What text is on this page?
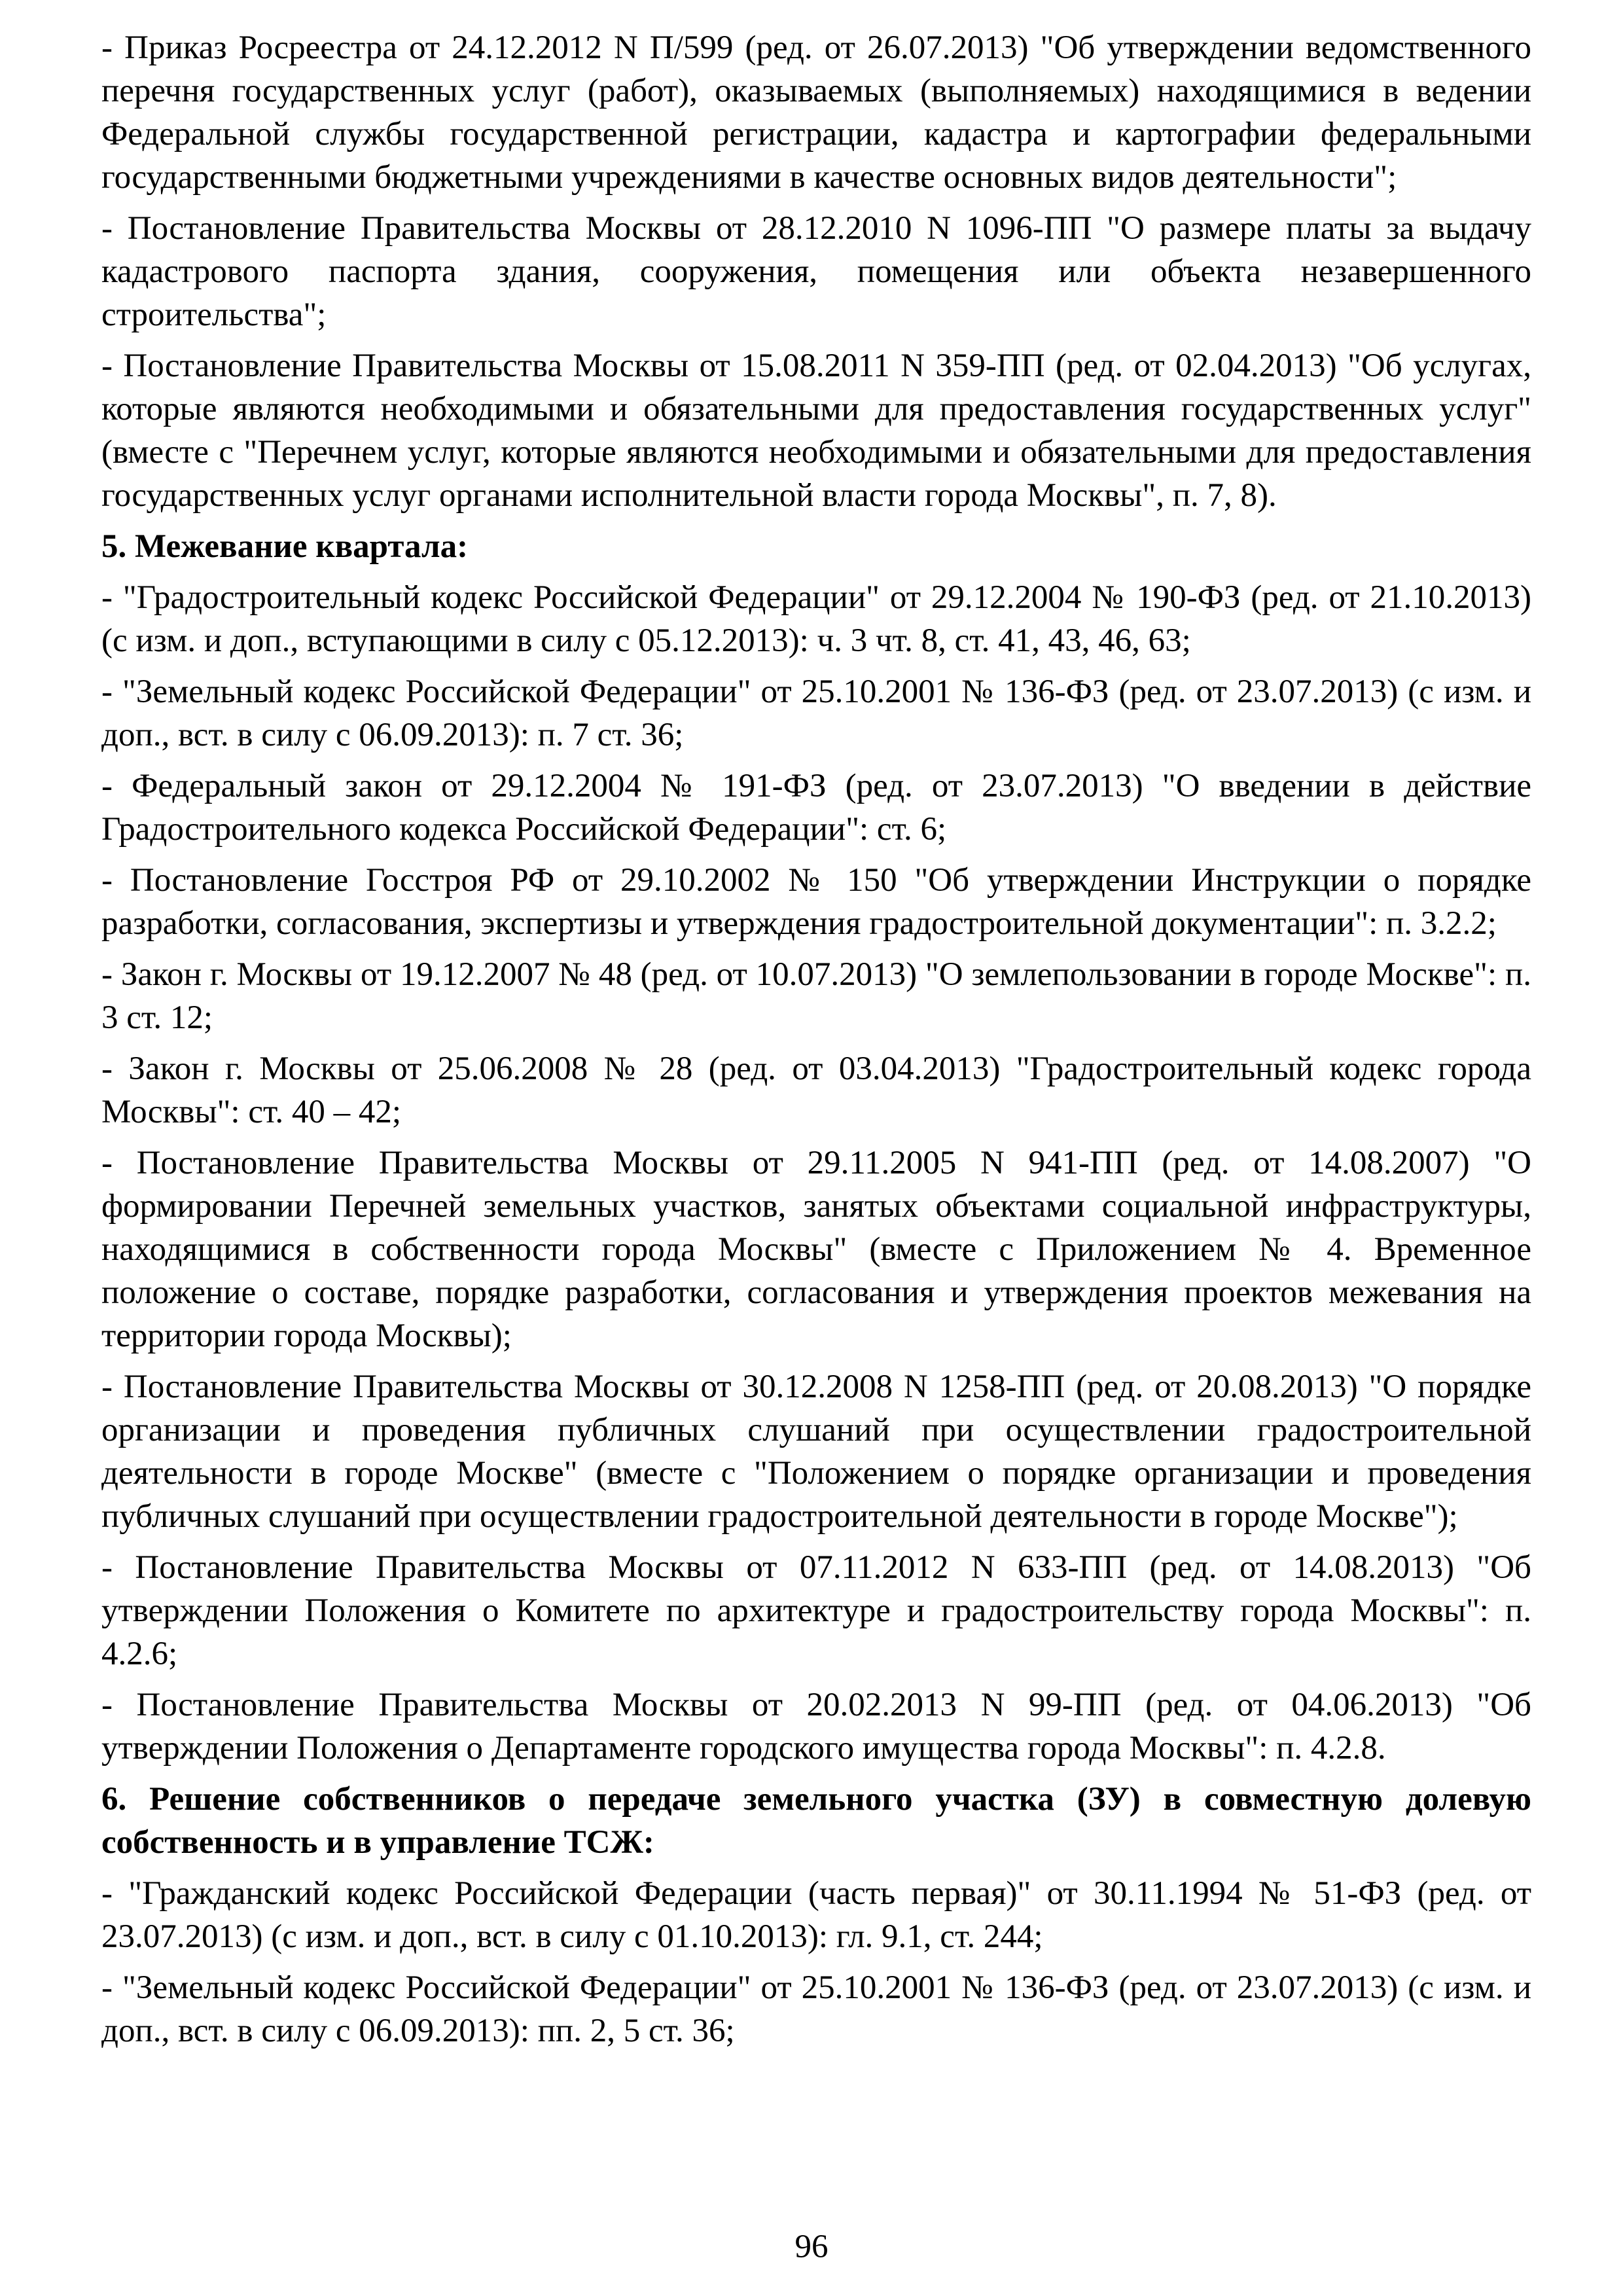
- Приказ Росреестра от 24.12.2012 N П/599 (ред. от 26.07.2013) "Об утверждении ведомственного перечня государственных услуг (работ), оказываемых (выполняемых) находящимися в ведении Федеральной службы государственной регистрации, кадастра и картографии федеральными государственными бюджетными учреждениями в качестве основных видов деятельности";

- Постановление Правительства Москвы от 28.12.2010 N 1096-ПП "О размере платы за выдачу кадастрового паспорта здания, сооружения, помещения или объекта незавершенного строительства";

- Постановление Правительства Москвы от 15.08.2011 N 359-ПП (ред. от 02.04.2013) "Об услугах, которые являются необходимыми и обязательными для предоставления государственных услуг" (вместе с "Перечнем услуг, которые являются необходимыми и обязательными для предоставления государственных услуг органами исполнительной власти города Москвы", п. 7, 8).

5. Межевание квартала:

- "Градостроительный кодекс Российской Федерации" от 29.12.2004 № 190-ФЗ (ред. от 21.10.2013) (с изм. и доп., вступающими в силу с 05.12.2013): ч. 3 чт. 8, ст. 41, 43, 46, 63;

- "Земельный кодекс Российской Федерации" от 25.10.2001 № 136-ФЗ (ред. от 23.07.2013) (с изм. и доп., вст. в силу с 06.09.2013): п. 7 ст. 36;

- Федеральный закон от 29.12.2004 № 191-ФЗ (ред. от 23.07.2013) "О введении в действие Градостроительного кодекса Российской Федерации": ст. 6;

- Постановление Госстроя РФ от 29.10.2002 № 150 "Об утверждении Инструкции о порядке разработки, согласования, экспертизы и утверждения градостроительной документации": п. 3.2.2;

- Закон г. Москвы от 19.12.2007 № 48 (ред. от 10.07.2013) "О землепользовании в городе Москве": п. 3 ст. 12;

- Закон г. Москвы от 25.06.2008 № 28 (ред. от 03.04.2013) "Градостроительный кодекс города Москвы": ст. 40 – 42;

- Постановление Правительства Москвы от 29.11.2005 N 941-ПП (ред. от 14.08.2007) "О формировании Перечней земельных участков, занятых объектами социальной инфраструктуры, находящимися в собственности города Москвы" (вместе с Приложением № 4. Временное положение о составе, порядке разработки, согласования и утверждения проектов межевания на территории города Москвы);

- Постановление Правительства Москвы от 30.12.2008 N 1258-ПП (ред. от 20.08.2013) "О порядке организации и проведения публичных слушаний при осуществлении градостроительной деятельности в городе Москве" (вместе с "Положением о порядке организации и проведения публичных слушаний при осуществлении градостроительной деятельности в городе Москве");

- Постановление Правительства Москвы от 07.11.2012 N 633-ПП (ред. от 14.08.2013) "Об утверждении Положения о Комитете по архитектуре и градостроительству города Москвы": п. 4.2.6;

- Постановление Правительства Москвы от 20.02.2013 N 99-ПП (ред. от 04.06.2013) "Об утверждении Положения о Департаменте городского имущества города Москвы": п. 4.2.8.

6. Решение собственников о передаче земельного участка (ЗУ) в совместную долевую собственность и в управление ТСЖ:

- "Гражданский кодекс Российской Федерации (часть первая)" от 30.11.1994 № 51-ФЗ (ред. от 23.07.2013) (с изм. и доп., вст. в силу с 01.10.2013): гл. 9.1, ст. 244;

- "Земельный кодекс Российской Федерации" от 25.10.2001 № 136-ФЗ (ред. от 23.07.2013) (с изм. и доп., вст. в силу с 06.09.2013): пп. 2, 5 ст. 36;

96
